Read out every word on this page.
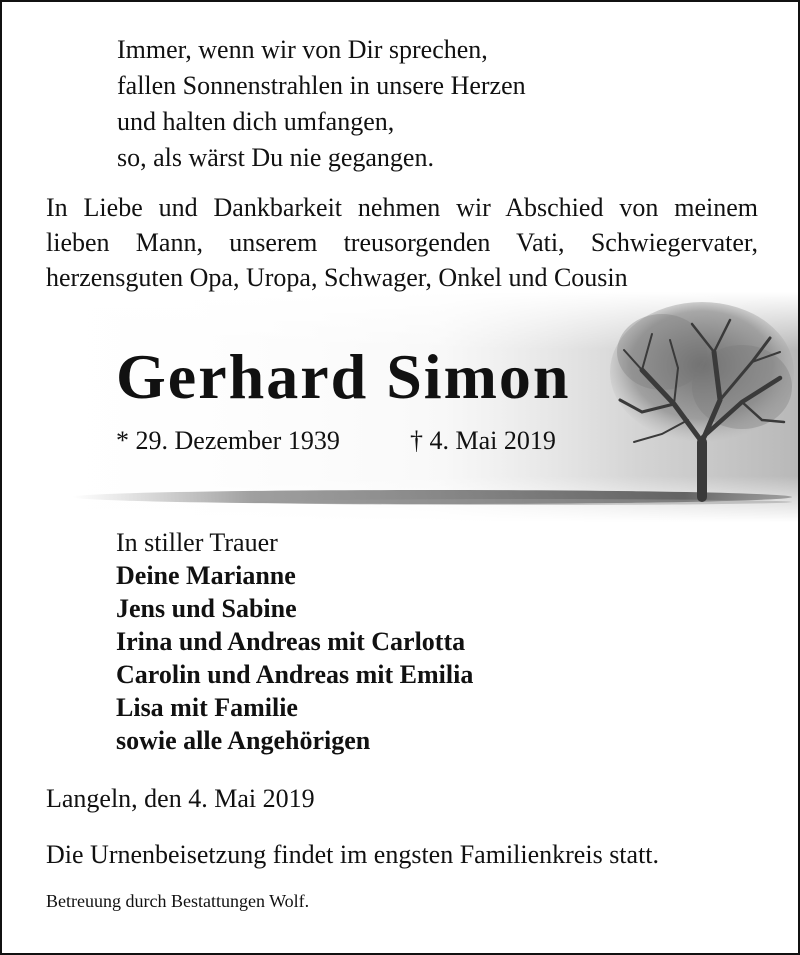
Immer, wenn wir von Dir sprechen,
fallen Sonnenstrahlen in unsere Herzen
und halten dich umfangen,
so, als wärst Du nie gegangen.
In Liebe und Dankbarkeit nehmen wir Abschied von meinem
lieben Mann, unserem treusorgenden Vati, Schwiegervater,
herzensguten Opa, Uropa, Schwager, Onkel und Cousin
Gerhard Simon
* 29. Dezember 1939	† 4. Mai 2019
In stiller Trauer
Deine Marianne
Jens und Sabine
Irina und Andreas mit Carlotta
Carolin und Andreas mit Emilia
Lisa mit Familie
sowie alle Angehörigen
Langeln, den 4. Mai 2019
Die Urnenbeisetzung findet im engsten Familienkreis statt.
Betreuung durch Bestattungen Wolf.
